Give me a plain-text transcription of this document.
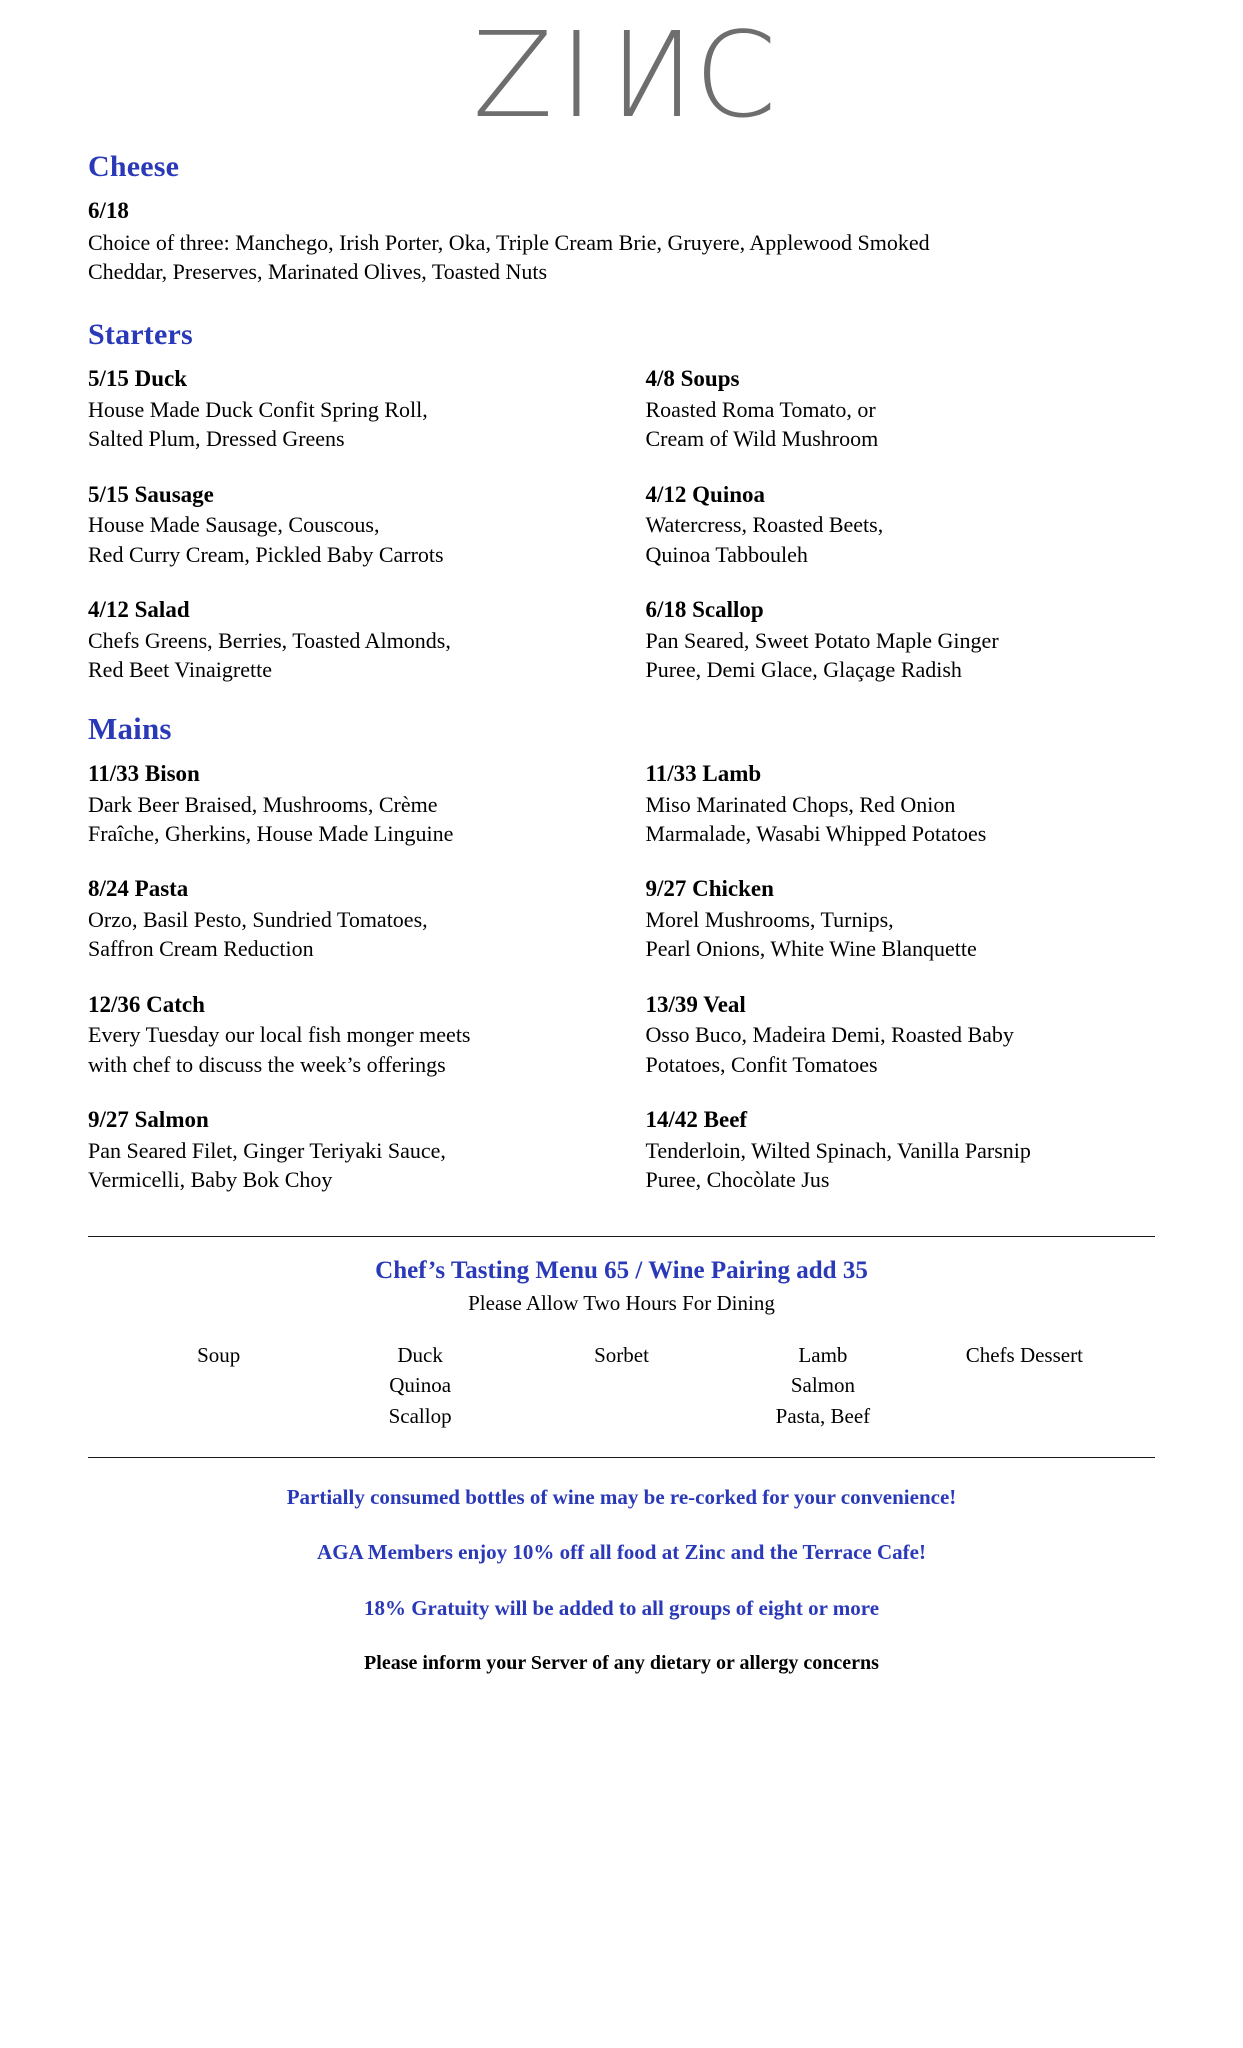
ZINC
Cheese
6/18
Choice of three: Manchego, Irish Porter, Oka, Triple Cream Brie, Gruyere, Applewood Smoked
Cheddar, Preserves, Marinated Olives, Toasted Nuts
Starters
5/15 Duck
House Made Duck Confit Spring Roll,
Salted Plum, Dressed Greens
5/15 Sausage
House Made Sausage, Couscous,
Red Curry Cream, Pickled Baby Carrots
4/12 Salad
Chefs Greens, Berries, Toasted Almonds,
Red Beet Vinaigrette
4/8 Soups
Roasted Roma Tomato, or
Cream of Wild Mushroom
4/12 Quinoa
Watercress, Roasted Beets,
Quinoa Tabbouleh
6/18 Scallop
Pan Seared, Sweet Potato Maple Ginger
Puree, Demi Glace, Glaçage Radish
Mains
11/33 Bison
Dark Beer Braised, Mushrooms, Crème
Fraîche, Gherkins, House Made Linguine
8/24 Pasta
Orzo, Basil Pesto, Sundried Tomatoes,
Saffron Cream Reduction
12/36 Catch
Every Tuesday our local fish monger meets
with chef to discuss the week’s offerings
9/27 Salmon
Pan Seared Filet, Ginger Teriyaki Sauce,
Vermicelli, Baby Bok Choy
11/33 Lamb
Miso Marinated Chops, Red Onion
Marmalade, Wasabi Whipped Potatoes
9/27 Chicken
Morel Mushrooms, Turnips,
Pearl Onions, White Wine Blanquette
13/39 Veal
Osso Buco, Madeira Demi, Roasted Baby
Potatoes, Confit Tomatoes
14/42 Beef
Tenderloin, Wilted Spinach, Vanilla Parsnip
Puree, Chocòlate Jus
Chef’s Tasting Menu 65 / Wine Pairing add 35
Please Allow Two Hours For Dining
Soup	Duck
Quinoa
Scallop
Sorbet	Lamb
Salmon
Pasta, Beef
Chefs Dessert
Partially consumed bottles of wine may be re-corked for your convenience!
AGA Members enjoy 10% off all food at Zinc and the Terrace Cafe!
18% Gratuity will be added to all groups of eight or more
Please inform your Server of any dietary or allergy concerns
